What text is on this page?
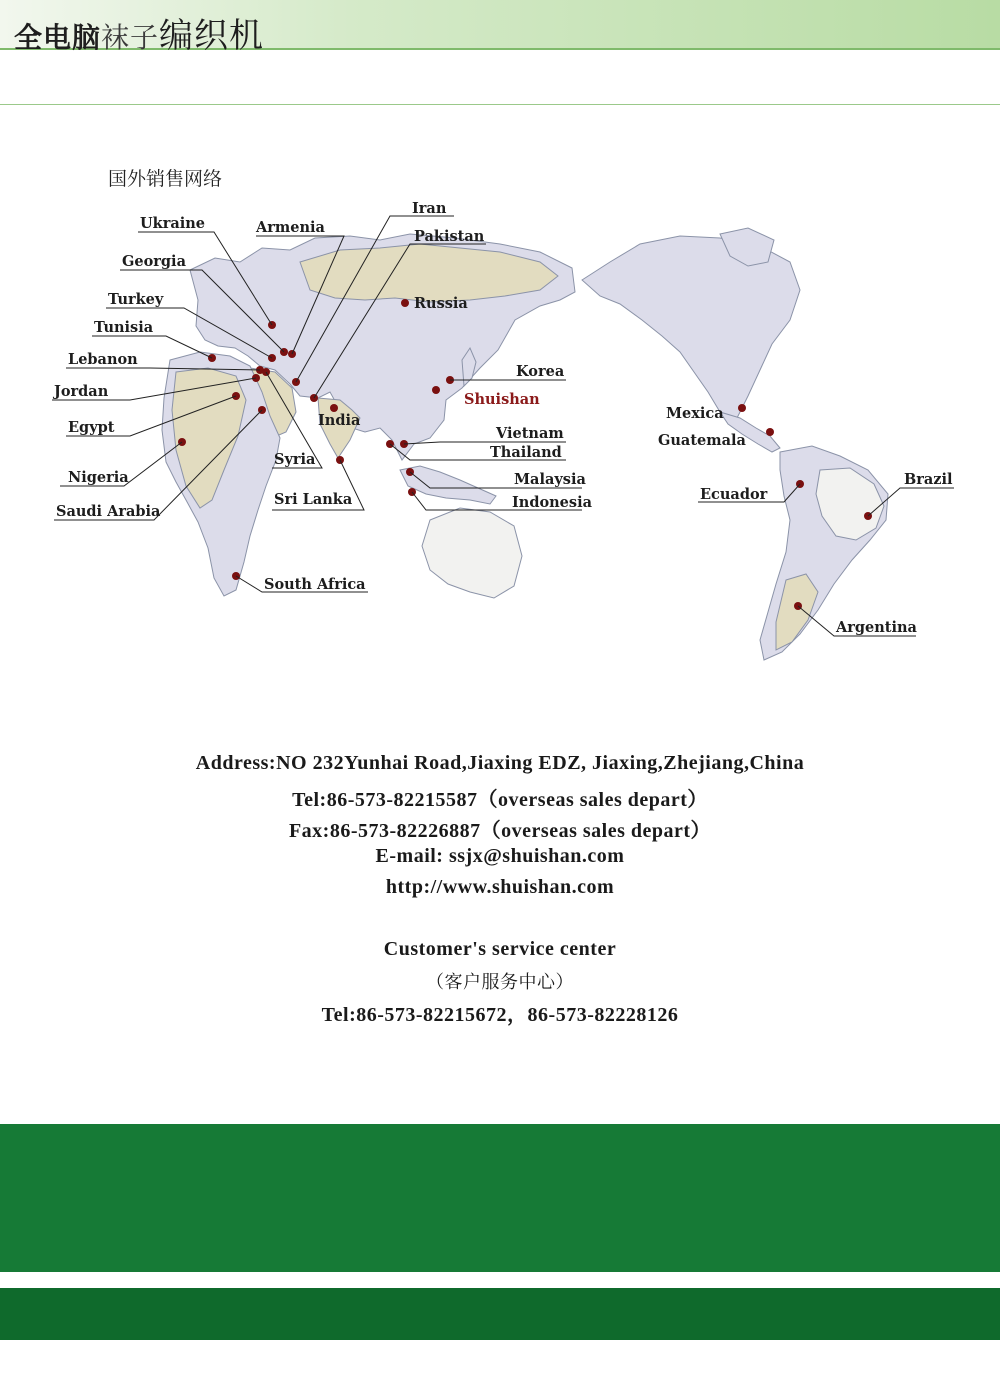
全电脑袜子编织机
国外销售网络
Ukraine	Armenia
Iran
Pakistan
Georgia
Turkey
Tunisia
Lebanon
Jordan
Egypt
Nigeria
Saudi Arabia
Syria
Sri Lanka
South Africa
Russia
India
Korea
Shuishan
Vietnam
Thailand
Malaysia
Indonesia
Mexica
Guatemala
Ecuador
Brazil
Argentina
Address:NO 232Yunhai Road,Jiaxing EDZ, Jiaxing,Zhejiang,China
Tel:86-573-82215587（overseas sales depart）
Fax:86-573-82226887（overseas sales depart）
E-mail: ssjx@shuishan.com
http://www.shuishan.com
Customer's service center
（客户服务中心）
Tel:86-573-82215672，86-573-82228126
